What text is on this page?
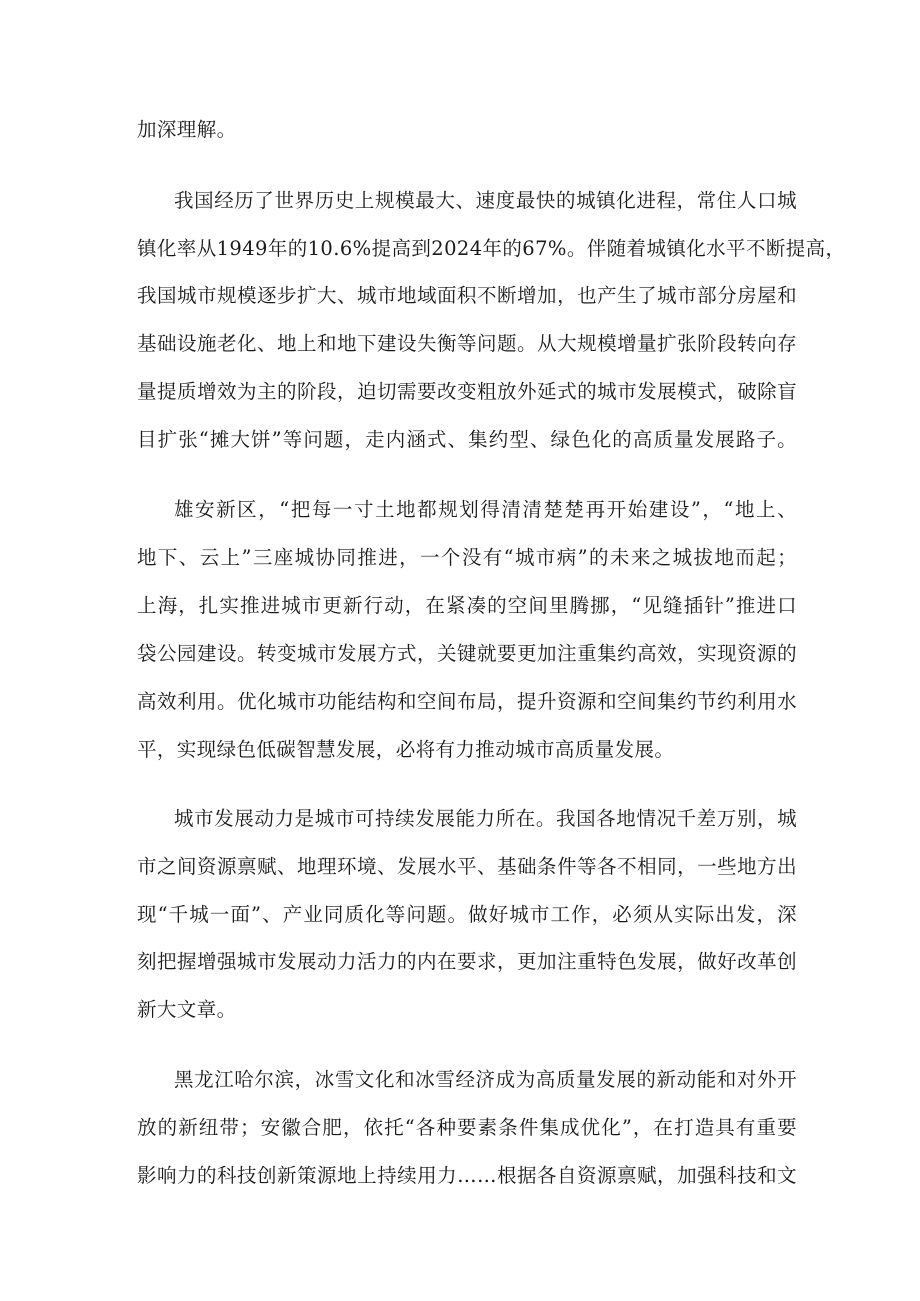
加深理解。
我国经历了世界历史上规模最大、速度最快的城镇化进程，常住人口城
镇化率从1949年的10.6%提高到2024年的67%。伴随着城镇化水平不断提高，
我国城市规模逐步扩大、城市地域面积不断增加，也产生了城市部分房屋和
基础设施老化、地上和地下建设失衡等问题。从大规模增量扩张阶段转向存
量提质增效为主的阶段，迫切需要改变粗放外延式的城市发展模式，破除盲
目扩张“摊大饼”等问题，走内涵式、集约型、绿色化的高质量发展路子。
雄安新区，“把每一寸土地都规划得清清楚楚再开始建设”，“地上、
地下、云上”三座城协同推进，一个没有“城市病”的未来之城拔地而起；
上海，扎实推进城市更新行动，在紧凑的空间里腾挪，“见缝插针”推进口
袋公园建设。转变城市发展方式，关键就要更加注重集约高效，实现资源的
高效利用。优化城市功能结构和空间布局，提升资源和空间集约节约利用水
平，实现绿色低碳智慧发展，必将有力推动城市高质量发展。
城市发展动力是城市可持续发展能力所在。我国各地情况千差万别，城
市之间资源禀赋、地理环境、发展水平、基础条件等各不相同，一些地方出
现“千城一面”、产业同质化等问题。做好城市工作，必须从实际出发，深
刻把握增强城市发展动力活力的内在要求，更加注重特色发展，做好改革创
新大文章。
黑龙江哈尔滨，冰雪文化和冰雪经济成为高质量发展的新动能和对外开
放的新纽带；安徽合肥，依托“各种要素条件集成优化”，在打造具有重要
影响力的科技创新策源地上持续用力……根据各自资源禀赋，加强科技和文
